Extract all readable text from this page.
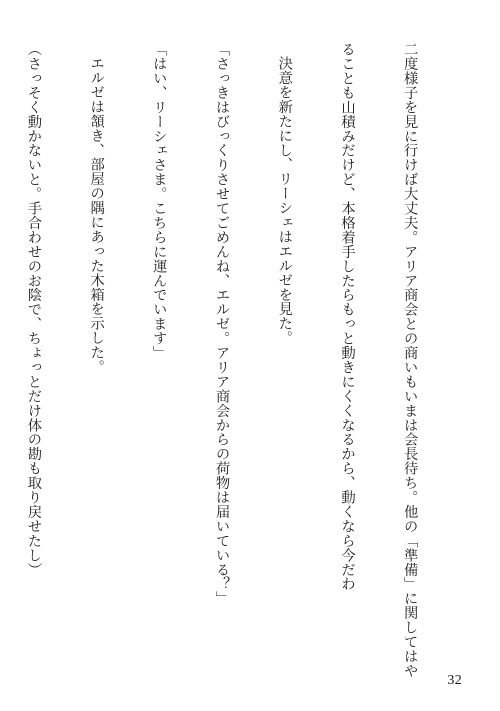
二度様子を見に行けば大丈夫。アリア商会との商いもいまは会長待ち。他の「準備」に関してはや

ることも山積みだけど、本格着手したらもっと動きにくくなるから、動くなら今だわ

決意を新たにし、リーシェはエルゼを見た。

「さっきはびっくりさせてごめんね、エルゼ。アリア商会からの荷物は届いている？」

「はい、リーシェさま。こちらに運んでいます」

エルゼは頷き、部屋の隅にあった木箱を示した。

（さっそく動かないと。手合わせのお陰で、ちょっとだけ体の勘も取り戻せたし）

32
